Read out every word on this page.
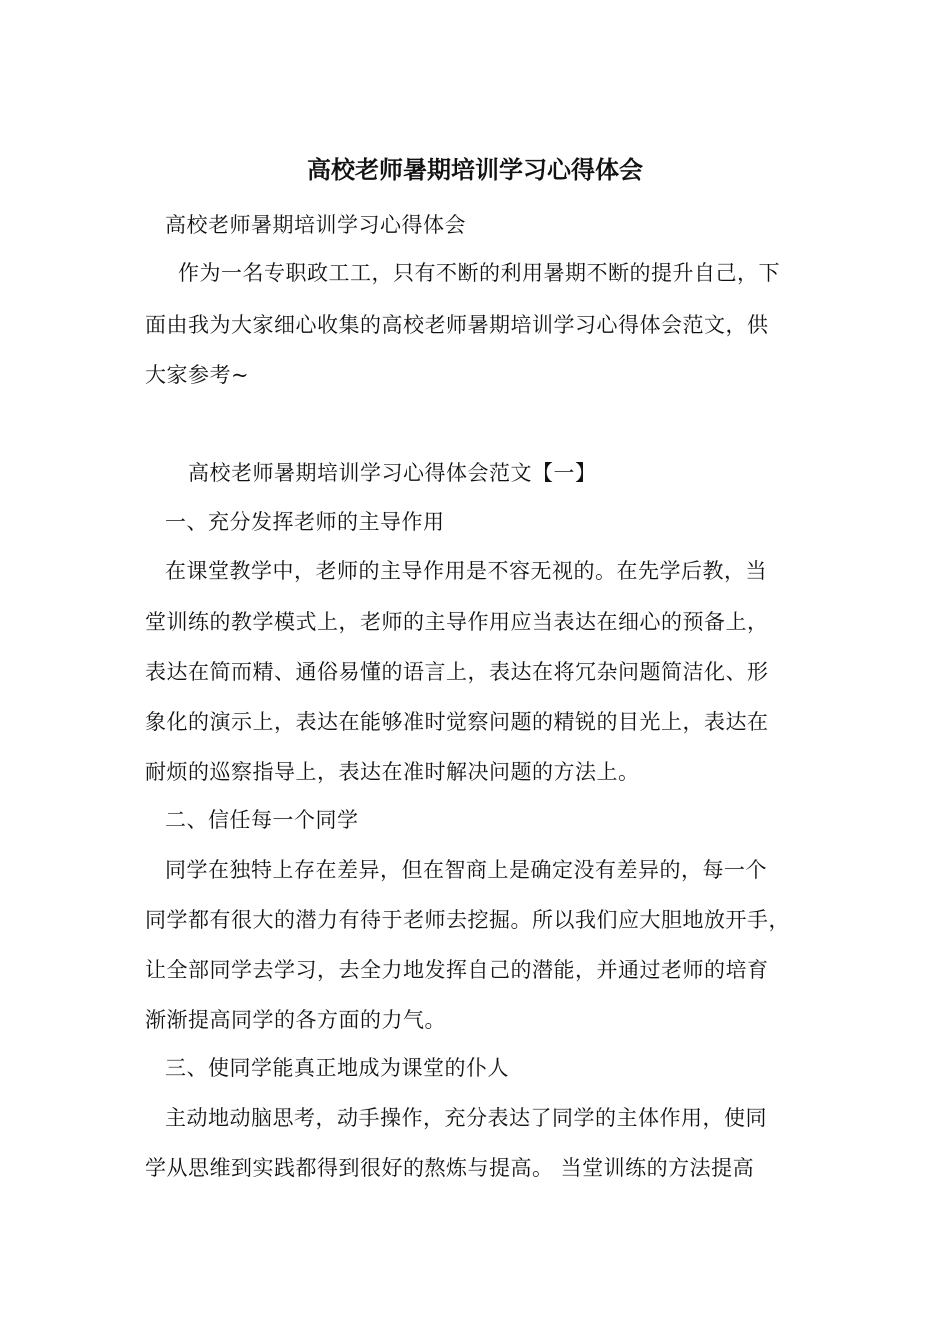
高校老师暑期培训学习心得体会
高校老师暑期培训学习心得体会
作为一名专职政工工，只有不断的利用暑期不断的提升自己，下
面由我为大家细心收集的高校老师暑期培训学习心得体会范文，供
大家参考~
高校老师暑期培训学习心得体会范文【一】
一、充分发挥老师的主导作用
在课堂教学中，老师的主导作用是不容无视的。在先学后教，当
堂训练的教学模式上，老师的主导作用应当表达在细心的预备上，
表达在简而精、通俗易懂的语言上，表达在将冗杂问题简洁化、形
象化的演示上，表达在能够准时觉察问题的精锐的目光上，表达在
耐烦的巡察指导上，表达在准时解决问题的方法上。
二、信任每一个同学
同学在独特上存在差异，但在智商上是确定没有差异的，每一个
同学都有很大的潜力有待于老师去挖掘。所以我们应大胆地放开手，
让全部同学去学习，去全力地发挥自己的潜能，并通过老师的培育
渐渐提高同学的各方面的力气。
三、使同学能真正地成为课堂的仆人
主动地动脑思考，动手操作，充分表达了同学的主体作用，使同
学从思维到实践都得到很好的熬炼与提高。 当堂训练的方法提高
